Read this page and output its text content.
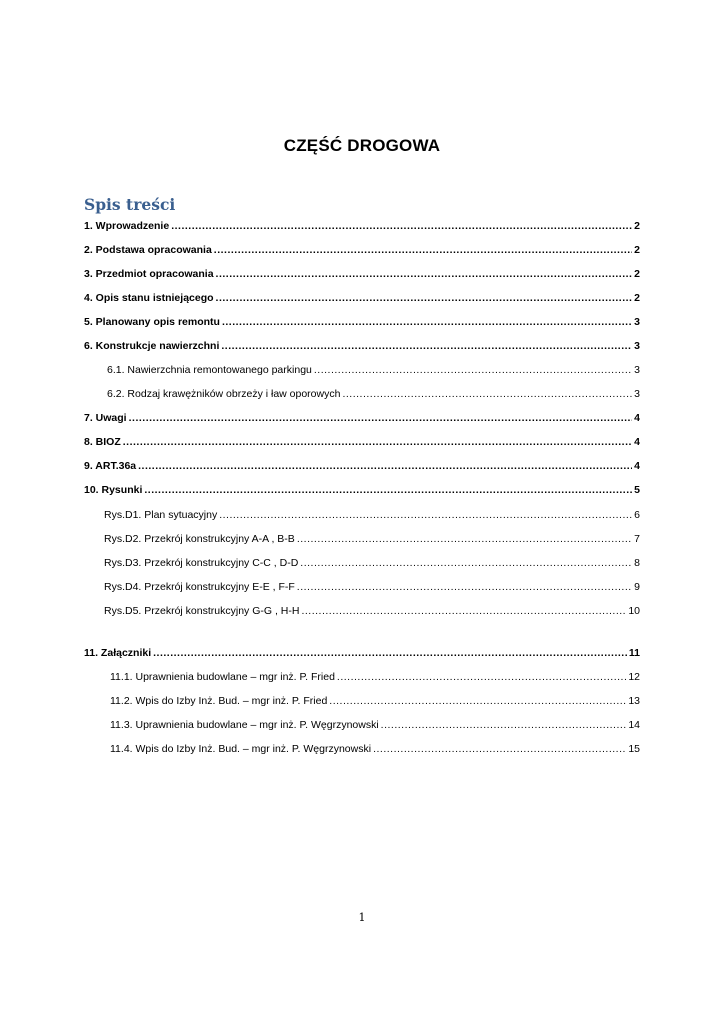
CZĘŚĆ DROGOWA
Spis treści
1. Wprowadzenie .....	2
2. Podstawa opracowania .....	2
3. Przedmiot opracowania .....	2
4. Opis stanu istniejącego .....	2
5. Planowany opis remontu .....	3
6. Konstrukcje nawierzchni .....	3
6.1. Nawierzchnia remontowanego parkingu .....	3
6.2. Rodzaj krawężników obrzeży i ław oporowych .....	3
7. Uwagi .....	4
8. BIOZ .....	4
9. ART.36a .....	4
10. Rysunki .....	5
Rys.D1. Plan sytuacyjny .....	6
Rys.D2. Przekrój konstrukcyjny A-A , B-B .....	7
Rys.D3. Przekrój konstrukcyjny C-C , D-D .....	8
Rys.D4. Przekrój konstrukcyjny E-E , F-F .....	9
Rys.D5. Przekrój konstrukcyjny G-G , H-H .....	10
11. Załączniki .....	11
11.1. Uprawnienia budowlane – mgr inż. P. Fried .....	12
11.2. Wpis do Izby Inż. Bud. – mgr inż. P. Fried .....	13
11.3. Uprawnienia budowlane – mgr inż. P. Węgrzynowski .....	14
11.4. Wpis do Izby Inż. Bud. – mgr inż. P. Węgrzynowski .....	15
1
